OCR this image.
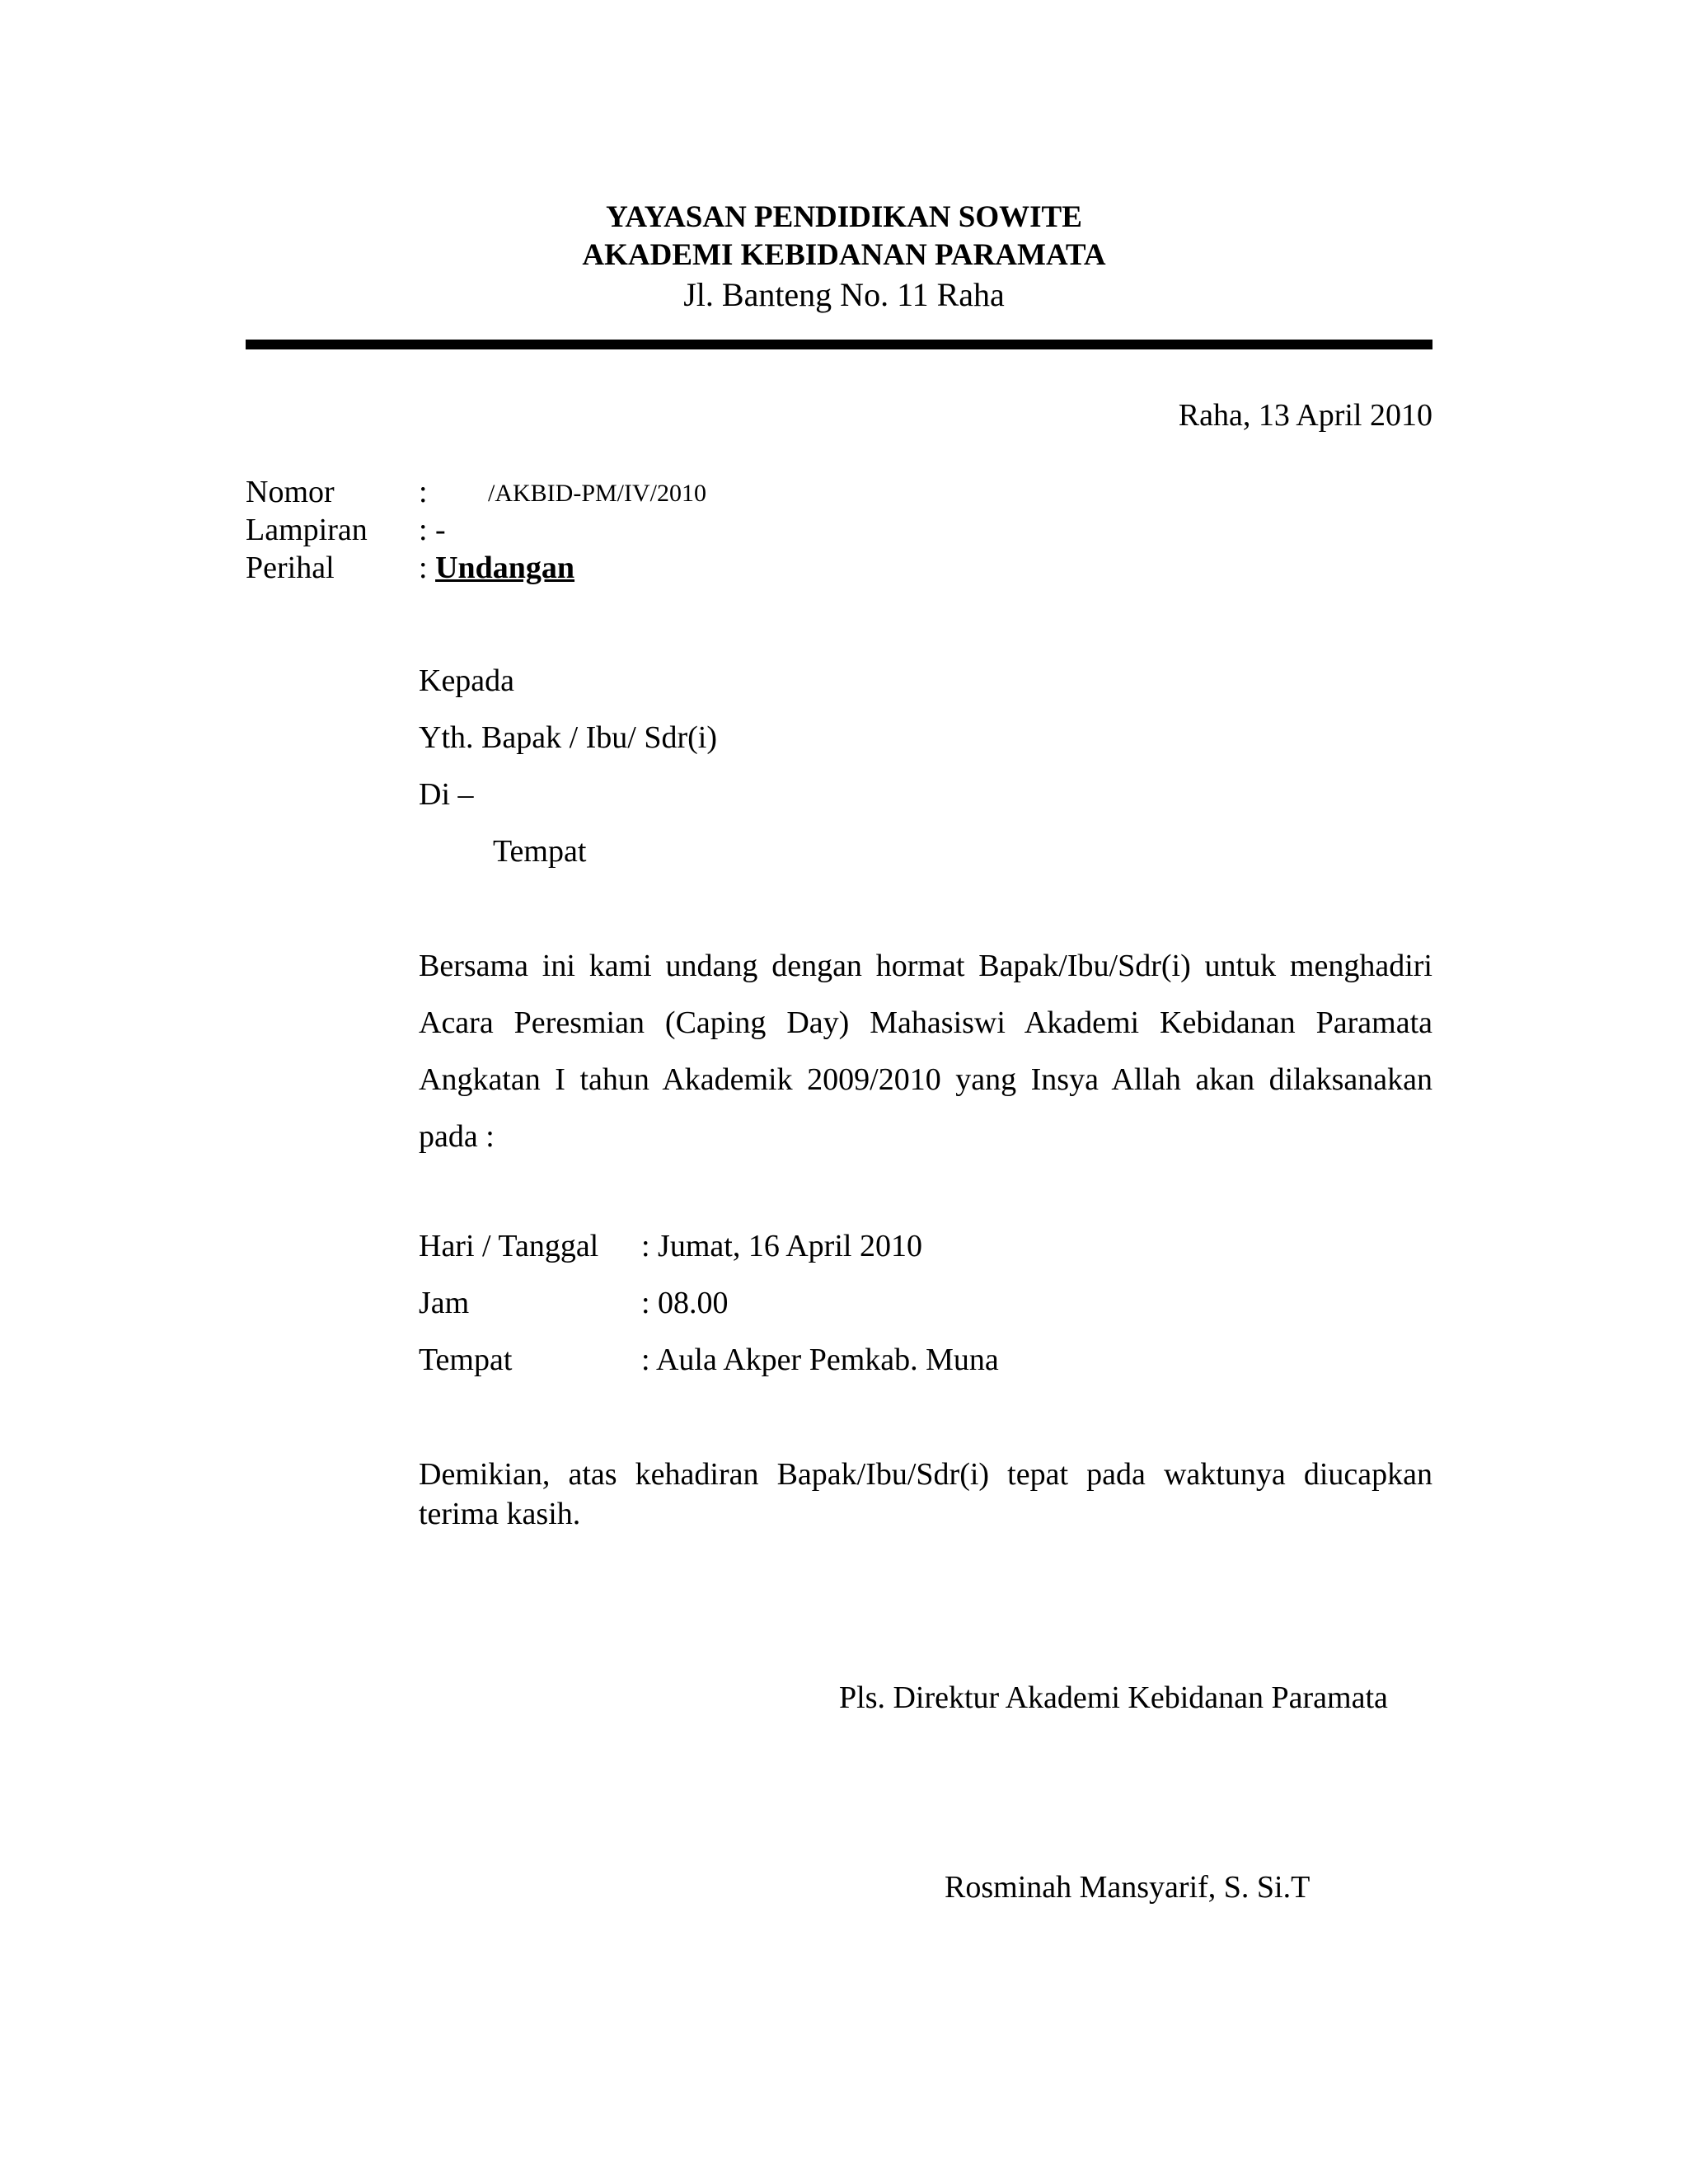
YAYASAN PENDIDIKAN SOWITE
AKADEMI KEBIDANAN PARAMATA
Jl. Banteng No. 11 Raha
Raha, 13 April 2010
Nomor	: /AKBID-PM/IV/2010
Lampiran : -
Perihal	: Undangan
Kepada
Yth. Bapak / Ibu/ Sdr(i)
Di –
Tempat
Bersama ini kami undang dengan hormat Bapak/Ibu/Sdr(i) untuk menghadiri Acara Peresmian (Caping Day) Mahasiswi Akademi Kebidanan Paramata Angkatan I tahun Akademik 2009/2010 yang Insya Allah akan dilaksanakan pada :
Hari / Tanggal : Jumat, 16 April 2010
Jam	: 08.00
Tempat	: Aula Akper Pemkab. Muna
Demikian, atas kehadiran Bapak/Ibu/Sdr(i) tepat pada waktunya diucapkan terima kasih.
Pls. Direktur Akademi Kebidanan Paramata
Rosminah Mansyarif, S. Si.T
